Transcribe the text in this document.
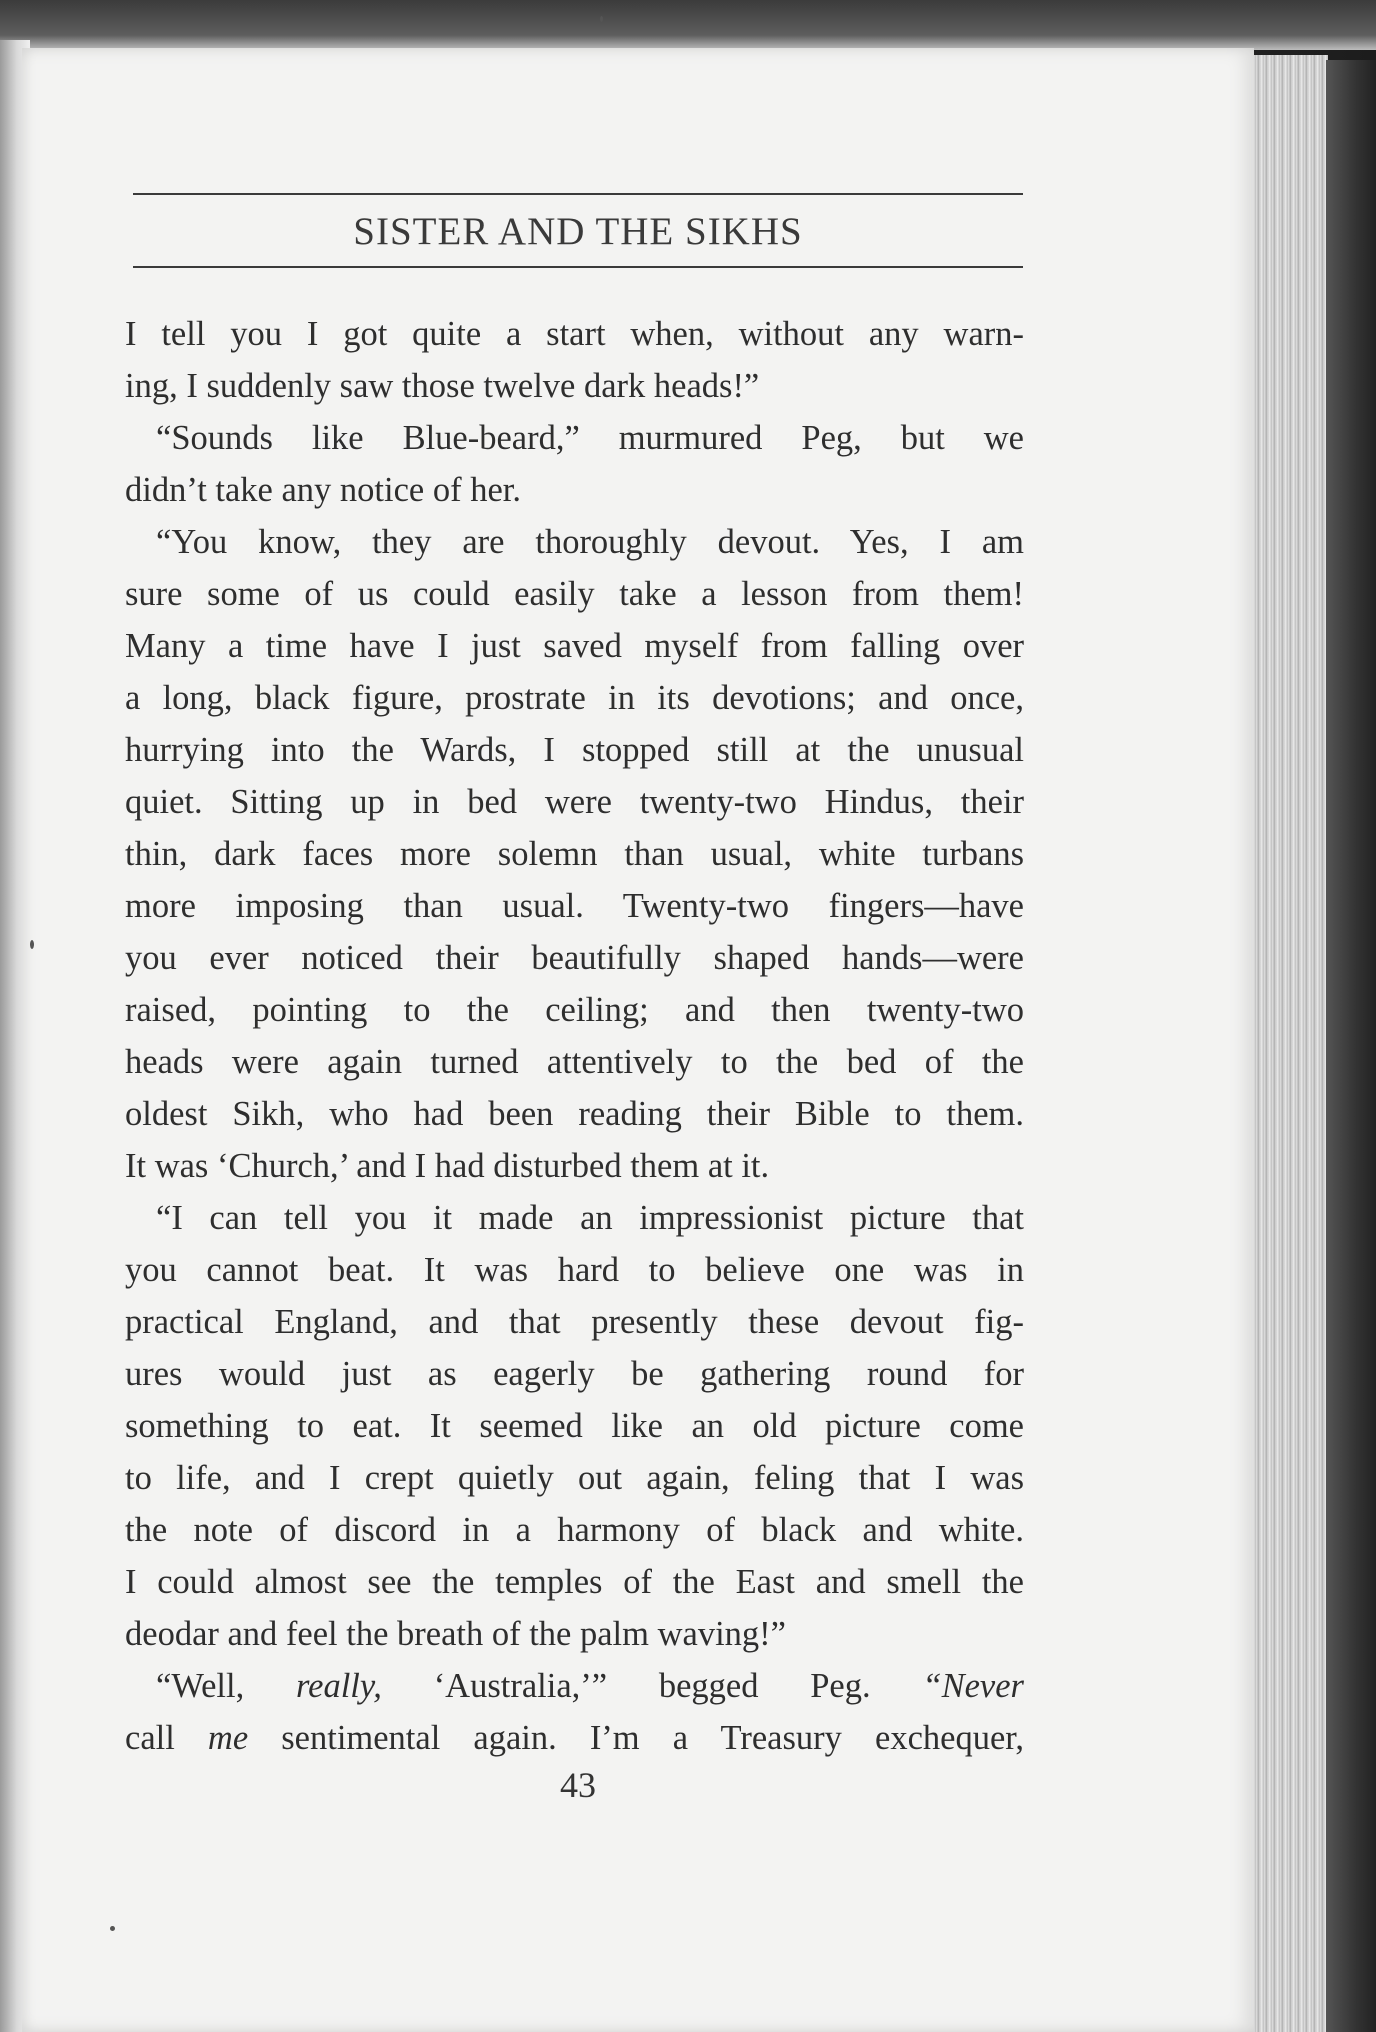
SISTER AND THE SIKHS
I tell you I got quite a start when, without any warn-
ing, I suddenly saw those twelve dark heads!”
“Sounds like Blue-beard,” murmured Peg, but we
didn’t take any notice of her.
“You know, they are thoroughly devout. Yes, I am
sure some of us could easily take a lesson from them!
Many a time have I just saved myself from falling over
a long, black figure, prostrate in its devotions; and once,
hurrying into the Wards, I stopped still at the unusual
quiet. Sitting up in bed were twenty-two Hindus, their
thin, dark faces more solemn than usual, white turbans
more imposing than usual. Twenty-two fingers—have
you ever noticed their beautifully shaped hands—were
raised, pointing to the ceiling; and then twenty-two
heads were again turned attentively to the bed of the
oldest Sikh, who had been reading their Bible to them.
It was ‘Church,’ and I had disturbed them at it.
“I can tell you it made an impressionist picture that
you cannot beat. It was hard to believe one was in
practical England, and that presently these devout fig-
ures would just as eagerly be gathering round for
something to eat. It seemed like an old picture come
to life, and I crept quietly out again, feling that I was
the note of discord in a harmony of black and white.
I could almost see the temples of the East and smell the
deodar and feel the breath of the palm waving!”
“Well, really, ‘Australia,’” begged Peg. “Never
call me sentimental again. I’m a Treasury exchequer,
43
